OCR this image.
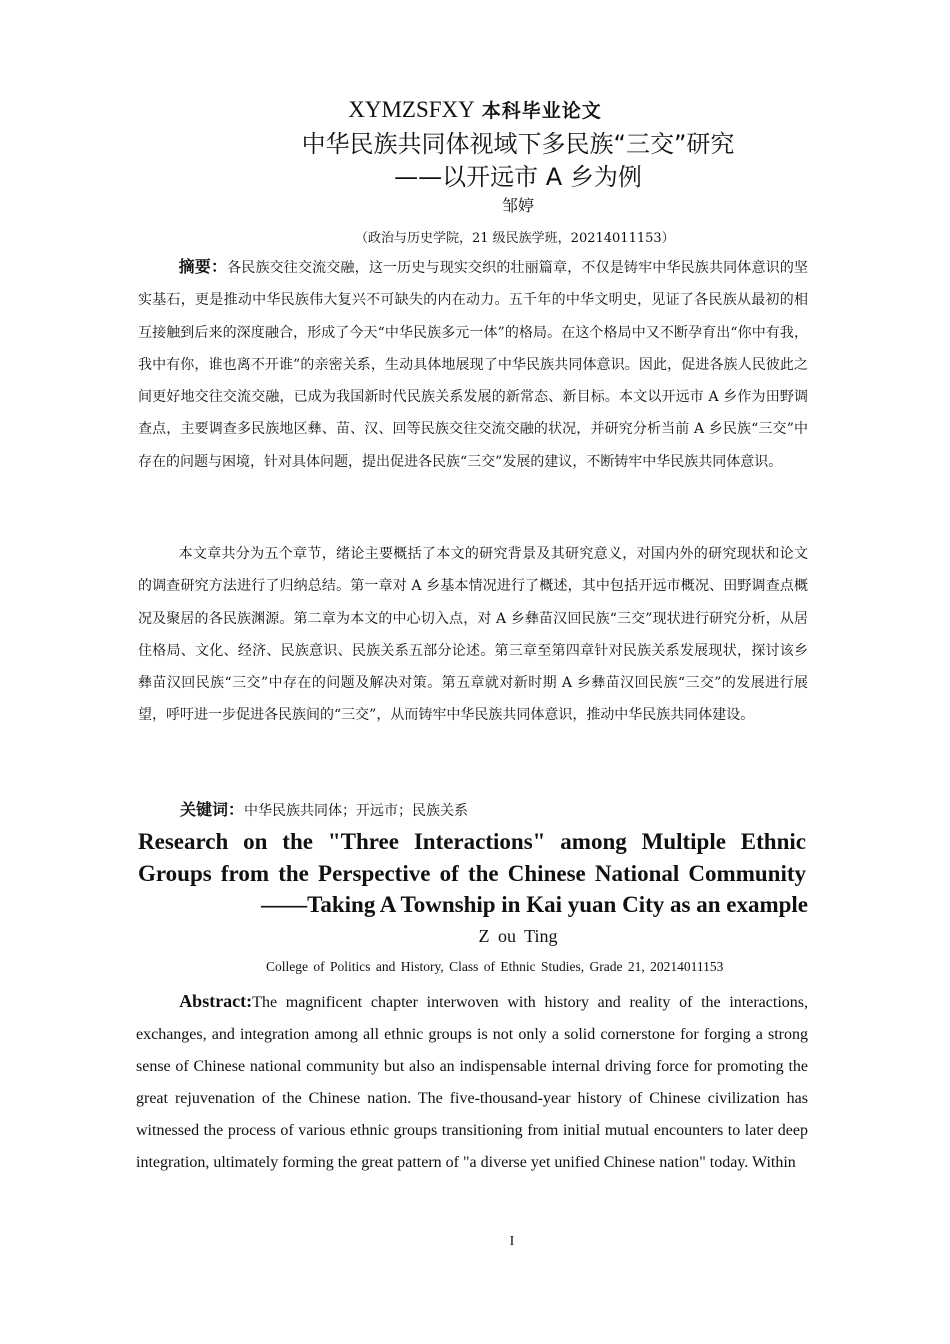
XYMZSFXY 本科毕业论文
中华民族共同体视域下多民族“三交”研究
——以开远市 A 乡为例
邹婷
（政治与历史学院，21 级民族学班，20214011153）
摘要：各民族交往交流交融，这一历史与现实交织的壮丽篇章，不仅是铸牢中华民族共同体意识的坚实基石，更是推动中华民族伟大复兴不可缺失的内在动力。五千年的中华文明史，见证了各民族从最初的相互接触到后来的深度融合，形成了今天“中华民族多元一体”的格局。在这个格局中又不断孕育出“你中有我，我中有你，谁也离不开谁”的亲密关系，生动具体地展现了中华民族共同体意识。因此，促进各族人民彼此之间更好地交往交流交融，已成为我国新时代民族关系发展的新常态、新目标。本文以开远市 A 乡作为田野调查点，主要调查多民族地区彝、苗、汉、回等民族交往交流交融的状况，并研究分析当前 A 乡民族“三交”中存在的问题与困境，针对具体问题，提出促进各民族“三交”发展的建议，不断铸牢中华民族共同体意识。
本文章共分为五个章节，绪论主要概括了本文的研究背景及其研究意义，对国内外的研究现状和论文的调查研究方法进行了归纳总结。第一章对 A 乡基本情况进行了概述，其中包括开远市概况、田野调查点概况及聚居的各民族渊源。第二章为本文的中心切入点，对 A 乡彝苗汉回民族“三交”现状进行研究分析，从居住格局、文化、经济、民族意识、民族关系五部分论述。第三章至第四章针对民族关系发展现状，探讨该乡彝苗汉回民族“三交”中存在的问题及解决对策。第五章就对新时期 A 乡彝苗汉回民族“三交”的发展进行展望，呼吁进一步促进各民族间的“三交”，从而铸牢中华民族共同体意识，推动中华民族共同体建设。
关键词：中华民族共同体；开远市；民族关系
Research on the "Three Interactions" among Multiple Ethnic
Groups from the Perspective of the Chinese National Community
——Taking A Township in Kai yuan City as an example
Z ou Ting
College of Politics and History, Class of Ethnic Studies, Grade 21, 20214011153
Abstract:The magnificent chapter interwoven with history and reality of the interactions, exchanges, and integration among all ethnic groups is not only a solid cornerstone for forging a strong sense of Chinese national community but also an indispensable internal driving force for promoting the great rejuvenation of the Chinese nation. The five-thousand-year history of Chinese civilization has witnessed the process of various ethnic groups transitioning from initial mutual encounters to later deep integration, ultimately forming the great pattern of "a diverse yet unified Chinese nation" today. Within
I
